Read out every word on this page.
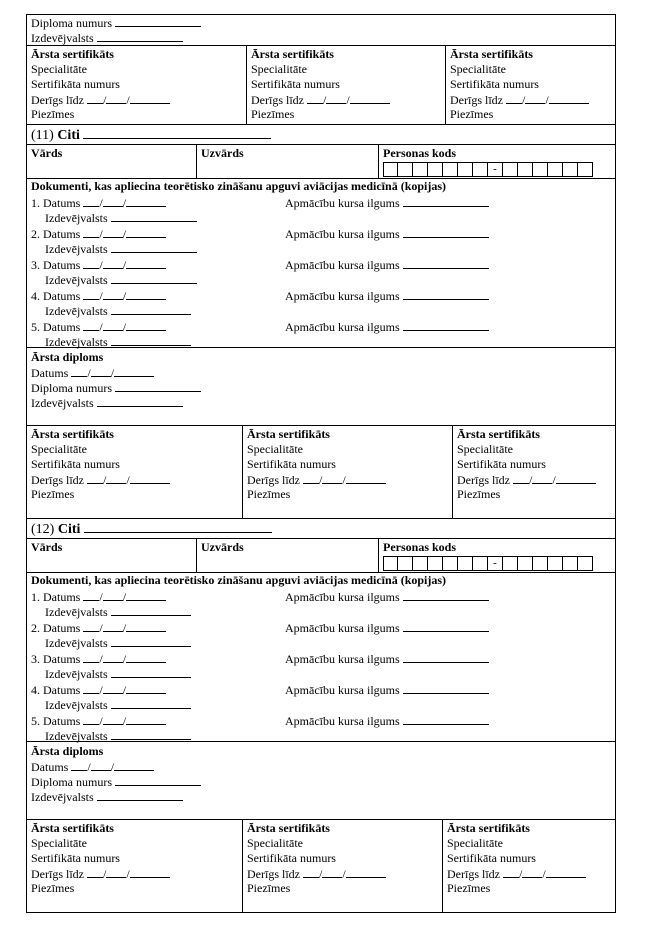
Diploma numurs
Izdevējvalsts
Ārsta sertifikāts
Specialitāte
Sertifikāta numurs
Derīgs līdz / /
Piezīmes
Ārsta sertifikāts
Specialitāte
Sertifikāta numurs
Derīgs līdz / /
Piezīmes
Ārsta sertifikāts
Specialitāte
Sertifikāta numurs
Derīgs līdz / /
Piezīmes
(11) Citi
Vārds	Uzvārds	Personas kods
-
Dokumenti, kas apliecina teorētisko zināšanu apguvi aviācijas medicīnā (kopijas)
1. Datums / /
Izdevējvalsts
Apmācību kursa ilgums
2. Datums / /
Izdevējvalsts
Apmācību kursa ilgums
3. Datums / /
Izdevējvalsts
Apmācību kursa ilgums
4. Datums / /
Izdevējvalsts
Apmācību kursa ilgums
5. Datums / /
Izdevējvalsts
Apmācību kursa ilgums
Ārsta diploms
Datums / /
Diploma numurs
Izdevējvalsts
Ārsta sertifikāts
Specialitāte
Sertifikāta numurs
Derīgs līdz / /
Piezīmes
Ārsta sertifikāts
Specialitāte
Sertifikāta numurs
Derīgs līdz / /
Piezīmes
Ārsta sertifikāts
Specialitāte
Sertifikāta numurs
Derīgs līdz / /
Piezīmes
(12) Citi
Vārds	Uzvārds	Personas kods
-
Dokumenti, kas apliecina teorētisko zināšanu apguvi aviācijas medicīnā (kopijas)
1. Datums / /
Izdevējvalsts
Apmācību kursa ilgums
2. Datums / /
Izdevējvalsts
Apmācību kursa ilgums
3. Datums / /
Izdevējvalsts
Apmācību kursa ilgums
4. Datums / /
Izdevējvalsts
Apmācību kursa ilgums
5. Datums / /
Izdevējvalsts
Apmācību kursa ilgums
Ārsta diploms
Datums / /
Diploma numurs
Izdevējvalsts
Ārsta sertifikāts
Specialitāte
Sertifikāta numurs
Derīgs līdz / /
Piezīmes
Ārsta sertifikāts
Specialitāte
Sertifikāta numurs
Derīgs līdz / /
Piezīmes
Ārsta sertifikāts
Specialitāte
Sertifikāta numurs
Derīgs līdz / /
Piezīmes
